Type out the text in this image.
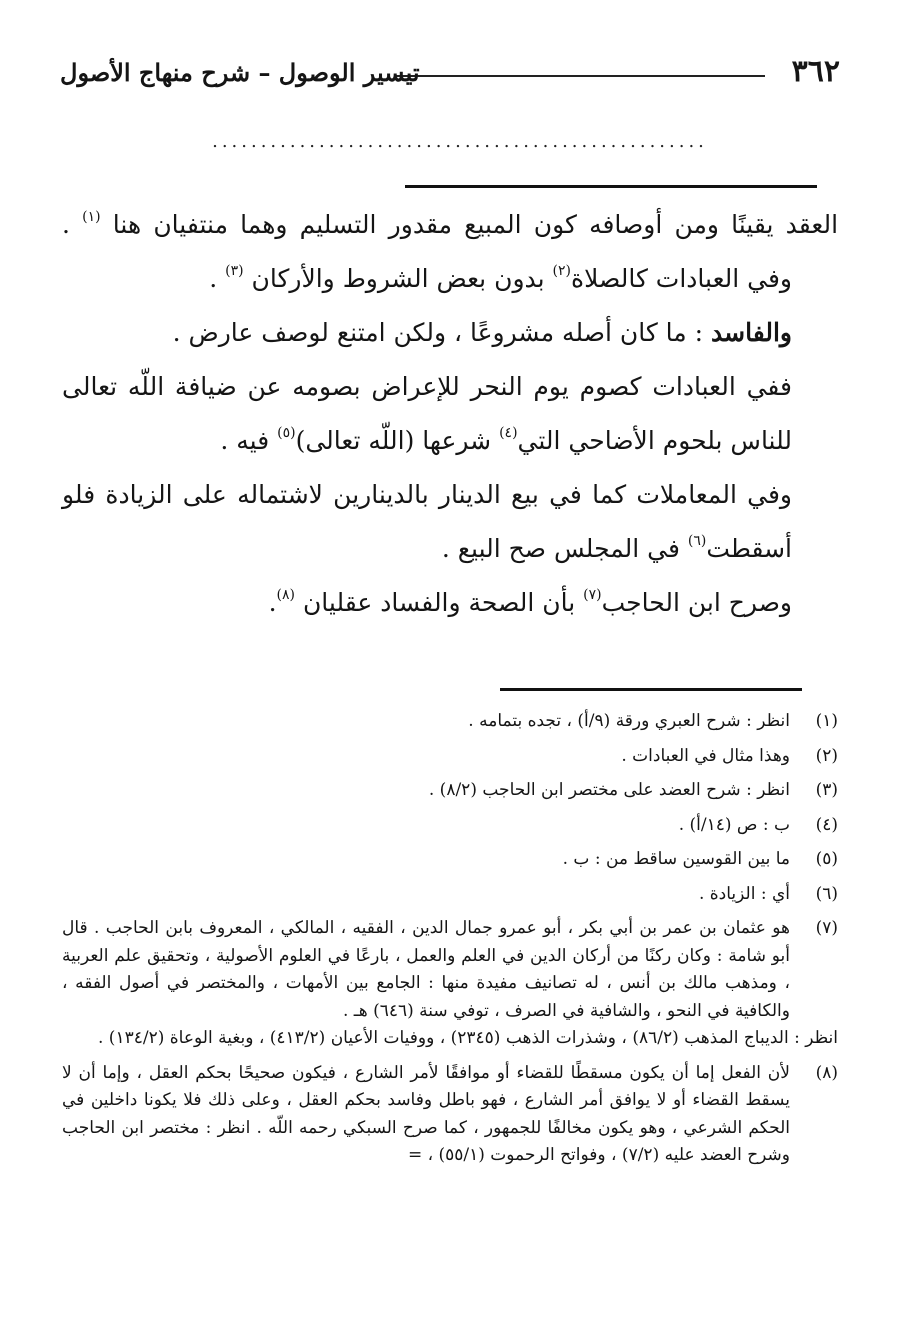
٣٦٢
تيسير الوصول – شرح منهاج الأصول
...................................................

العقد يقينًا ومن أوصافه كون المبيع مقدور التسليم وهما منتفيان هنا $^{(١)}$ .

وفي العبادات كالصلاة$^{(٢)}$ بدون بعض الشروط والأركان $^{(٣)}$ .

والفاسد : ما كان أصله مشروعًا ، ولكن امتنع لوصف عارض .

ففي العبادات كصوم يوم النحر للإعراض بصومه عن ضيافة اللّه تعالى للناس بلحوم الأضاحي التي$^{(٤)}$ شرعها (اللّه تعالى)$^{(٥)}$ فيه .

وفي المعاملات كما في بيع الدينار بالدينارين لاشتماله على الزيادة فلو أسقطت$^{(٦)}$ في المجلس صح البيع .

وصرح ابن الحاجب$^{(٧)}$ بأن الصحة والفساد عقليان $^{(٨)}$.

(١)
انظر : شرح العبري ورقة (٩/أ) ، تجده بتمامه .
(٢)
وهذا مثال في العبادات .
(٣)
انظر : شرح العضد على مختصر ابن الحاجب (٨/٢) .
(٤)
ب : ص (١٤/أ) .
(٥)
ما بين القوسين ساقط من : ب .
(٦)
أي : الزيادة .
(٧)
هو عثمان بن عمر بن أبي بكر ، أبو عمرو جمال الدين ، الفقيه ، المالكي ، المعروف بابن الحاجب . قال أبو شامة : وكان ركنًا من أركان الدين في العلم والعمل ، بارعًا في العلوم الأصولية ، وتحقيق علم العربية ، ومذهب مالك بن أنس ، له تصانيف مفيدة منها : الجامع بين الأمهات ، والمختصر في أصول الفقه ، والكافية في النحو ، والشافية في الصرف ، توفي سنة (٦٤٦) هـ .
انظر : الديباج المذهب (٨٦/٢) ، وشذرات الذهب (٢٣٤٥) ، ووفيات الأعيان (٤١٣/٢) ، وبغية الوعاة (١٣٤/٢) .
(٨)
لأن الفعل إما أن يكون مسقطًا للقضاء أو موافقًا لأمر الشارع ، فيكون صحيحًا بحكم العقل ، وإما أن لا يسقط القضاء أو لا يوافق أمر الشارع ، فهو باطل وفاسد بحكم العقل ، وعلى ذلك فلا يكونا داخلين في الحكم الشرعي ، وهو يكون مخالفًا للجمهور ، كما صرح السبكي رحمه اللّه . انظر : مختصر ابن الحاجب وشرح العضد عليه (٧/٢) ، وفواتح الرحموت (٥٥/١) ، =
